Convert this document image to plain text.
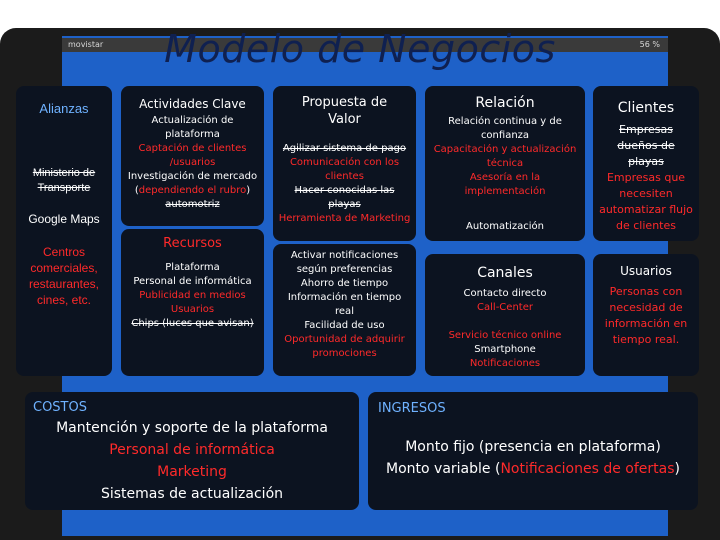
movistar	56 %
Modelo de Negocios
Alianzas
Ministerio de Transporte
Google Maps
Centros comerciales, restaurantes, cines, etc.
Actividades Clave
Actualización de plataforma
Captación de clientes /usuarios
Investigación de mercado (dependiendo el rubro) automotriz
Recursos
Plataforma
Personal de informática
Publicidad en medios
Usuarios
Chips (luces que avisan)
Propuesta de Valor
Agilizar sistema de pago
Comunicación con los clientes
Hacer conocidas las playas
Herramienta de Marketing
Activar notificaciones según preferencias
Ahorro de tiempo
Información en tiempo real
Facilidad de uso
Oportunidad de adquirir promociones
Relación
Relación continua y de confianza
Capacitación y actualización técnica
Asesoría en la implementación
Automatización
Canales
Contacto directo
Call-Center
Servicio técnico online
Smartphone
Notificaciones
Clientes
Empresas dueños de playas
Empresas que necesiten automatizar flujo de clientes
Usuarios
Personas con necesidad de información en tiempo real.
COSTOS
Mantención y soporte de la plataforma
Personal de informática
Marketing
Sistemas de actualización
INGRESOS
Monto fijo (presencia en plataforma)
Monto variable (Notificaciones de ofertas)
